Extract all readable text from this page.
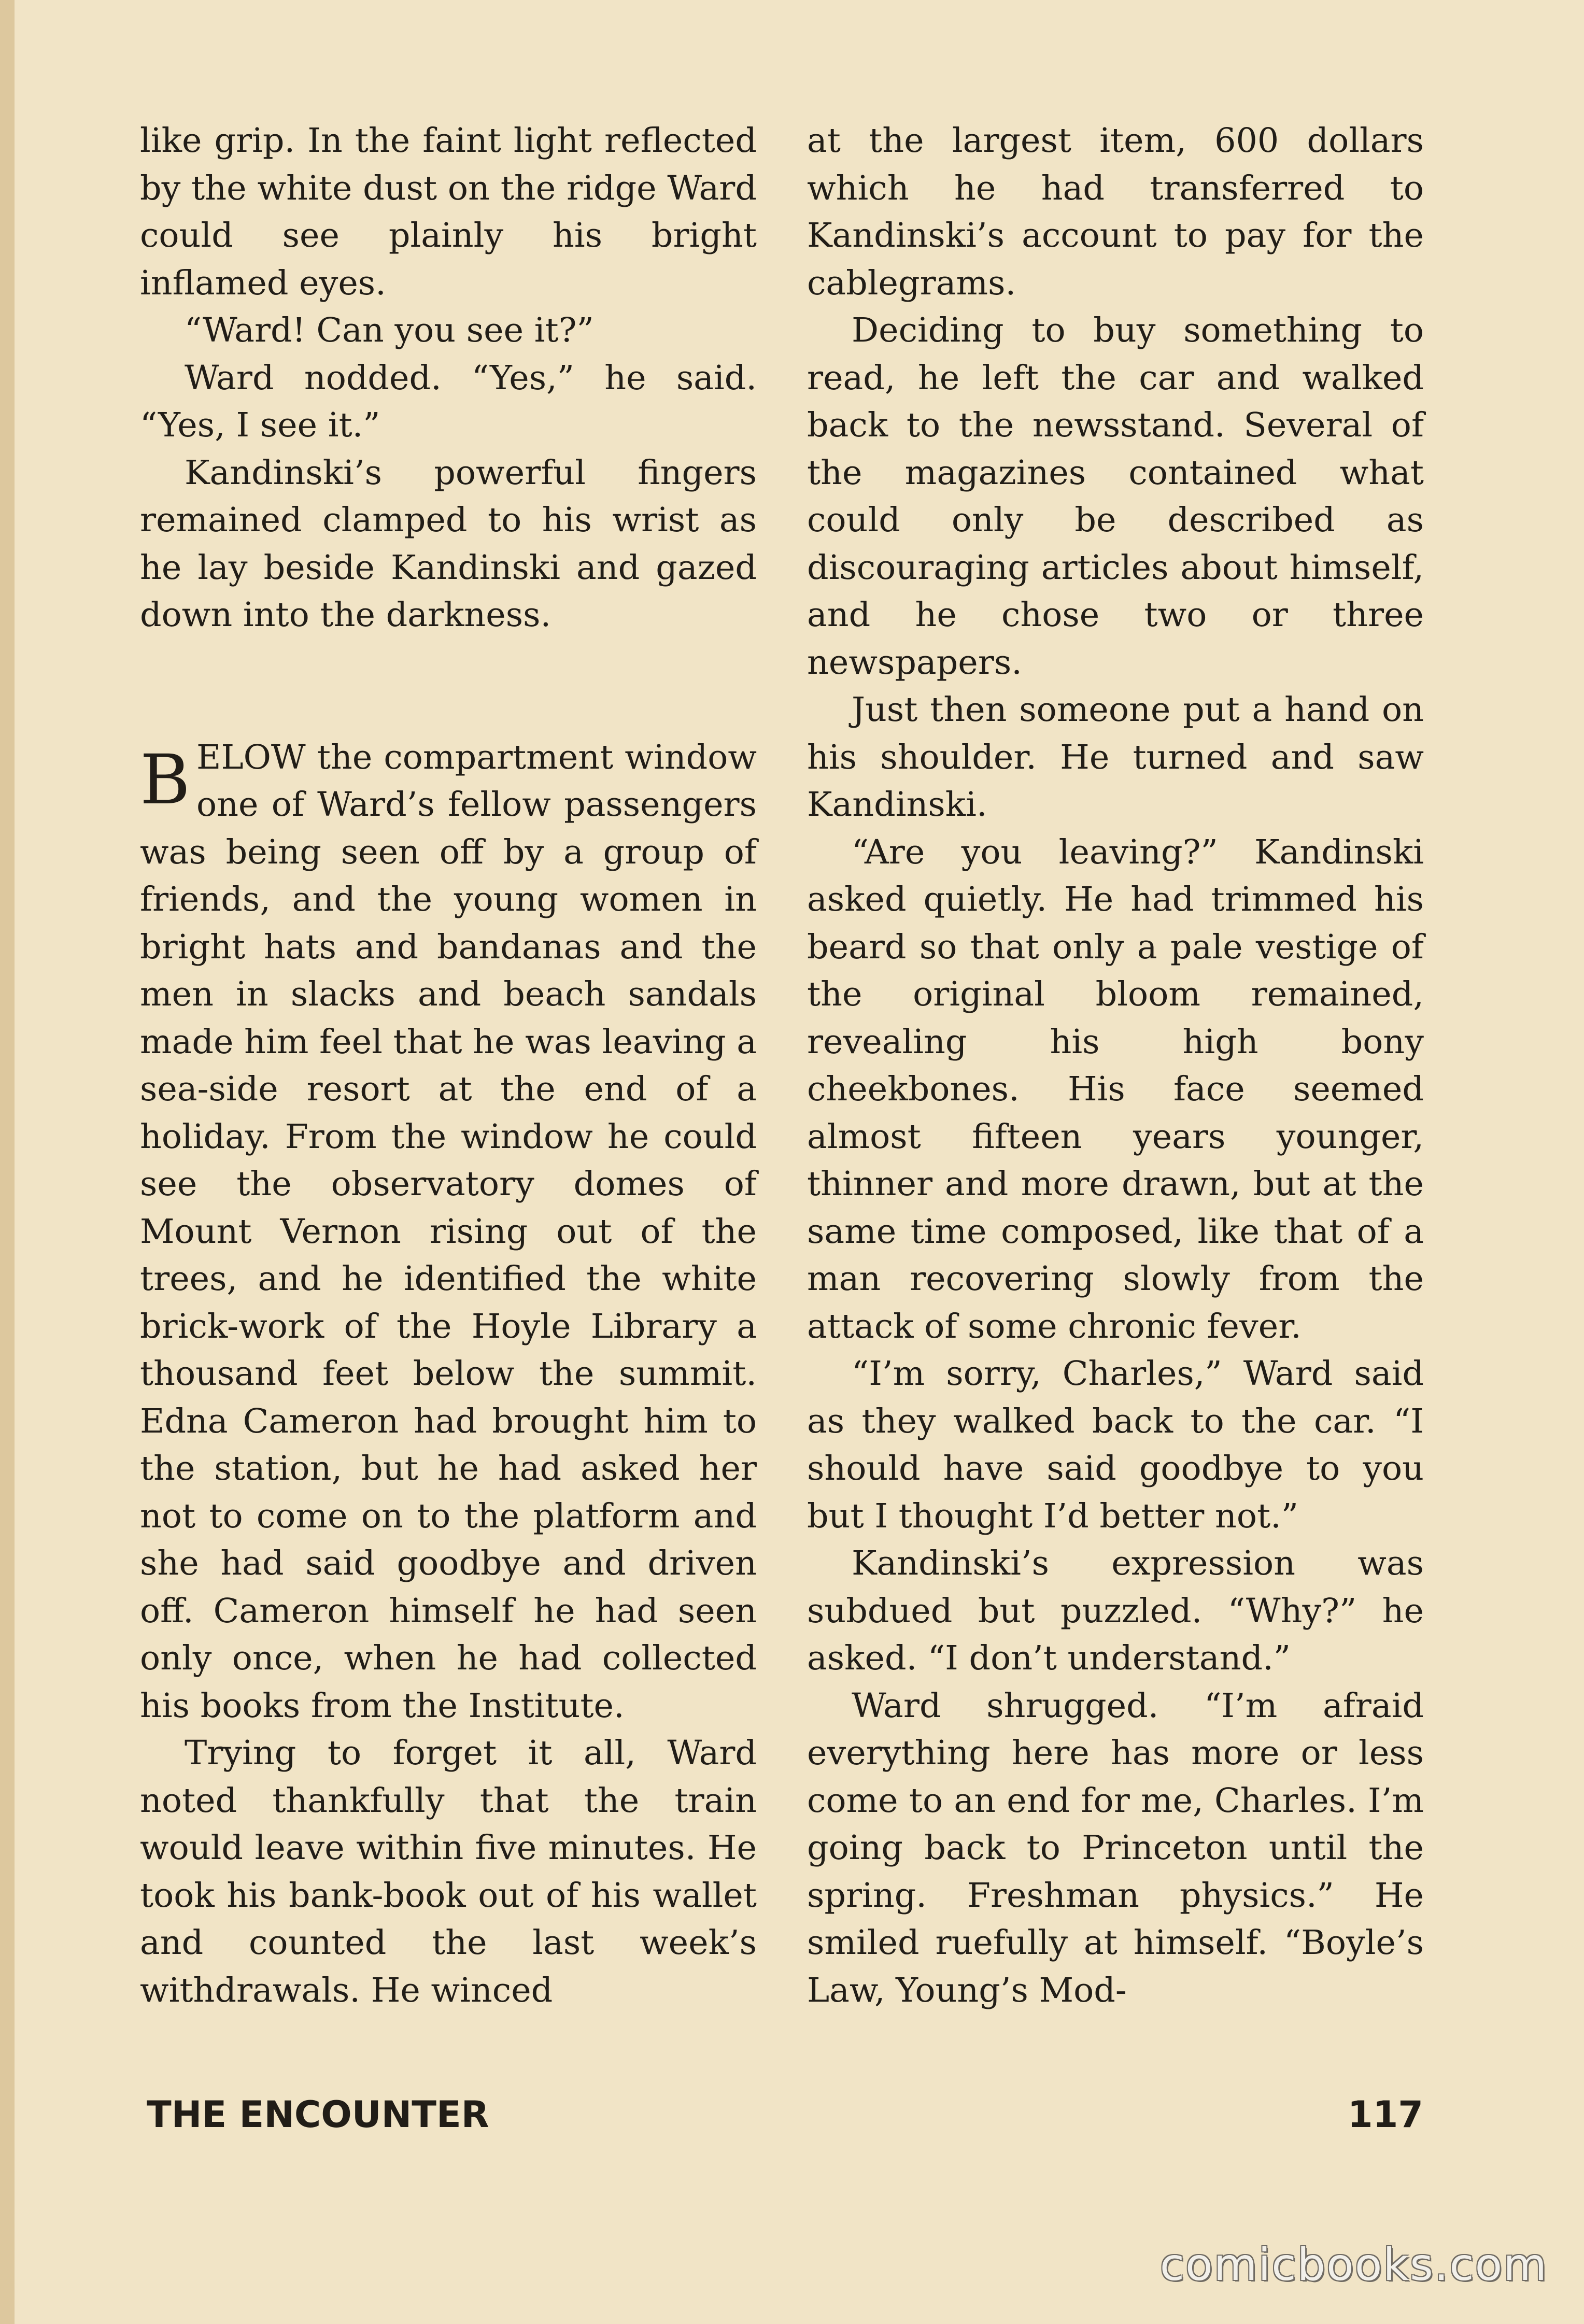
like grip. In the faint light reflected by the white dust on the ridge Ward could see plainly his bright inflamed eyes.

“Ward! Can you see it?”

Ward nodded. “Yes,” he said. “Yes, I see it.”

Kandinski’s powerful fingers remained clamped to his wrist as he lay beside Kandinski and gazed down into the darkness.

BELOW the compartment window one of Ward’s fellow passengers was being seen off by a group of friends, and the young women in bright hats and bandanas and the men in slacks and beach sandals made him feel that he was leaving a sea-side resort at the end of a holiday. From the window he could see the observatory domes of Mount Vernon rising out of the trees, and he identified the white brick-work of the Hoyle Library a thousand feet below the summit. Edna Cameron had brought him to the station, but he had asked her not to come on to the platform and she had said goodbye and driven off. Cameron himself he had seen only once, when he had collected his books from the Institute.

Trying to forget it all, Ward noted thankfully that the train would leave within five minutes. He took his bank-book out of his wallet and counted the last week’s withdrawals. He winced

at the largest item, 600 dollars which he had transferred to Kandinski’s account to pay for the cablegrams.

Deciding to buy something to read, he left the car and walked back to the newsstand. Several of the magazines contained what could only be described as discouraging articles about himself, and he chose two or three newspapers.

Just then someone put a hand on his shoulder. He turned and saw Kandinski.

“Are you leaving?” Kandinski asked quietly. He had trimmed his beard so that only a pale vestige of the original bloom remained, revealing his high bony cheekbones. His face seemed almost fifteen years younger, thinner and more drawn, but at the same time composed, like that of a man recovering slowly from the attack of some chronic fever.

“I’m sorry, Charles,” Ward said as they walked back to the car. “I should have said goodbye to you but I thought I’d better not.”

Kandinski’s expression was subdued but puzzled. “Why?” he asked. “I don’t understand.”

Ward shrugged. “I’m afraid everything here has more or less come to an end for me, Charles. I’m going back to Princeton until the spring. Freshman physics.” He smiled ruefully at himself. “Boyle’s Law, Young’s Mod-

THE ENCOUNTER	117

comicbooks.com
